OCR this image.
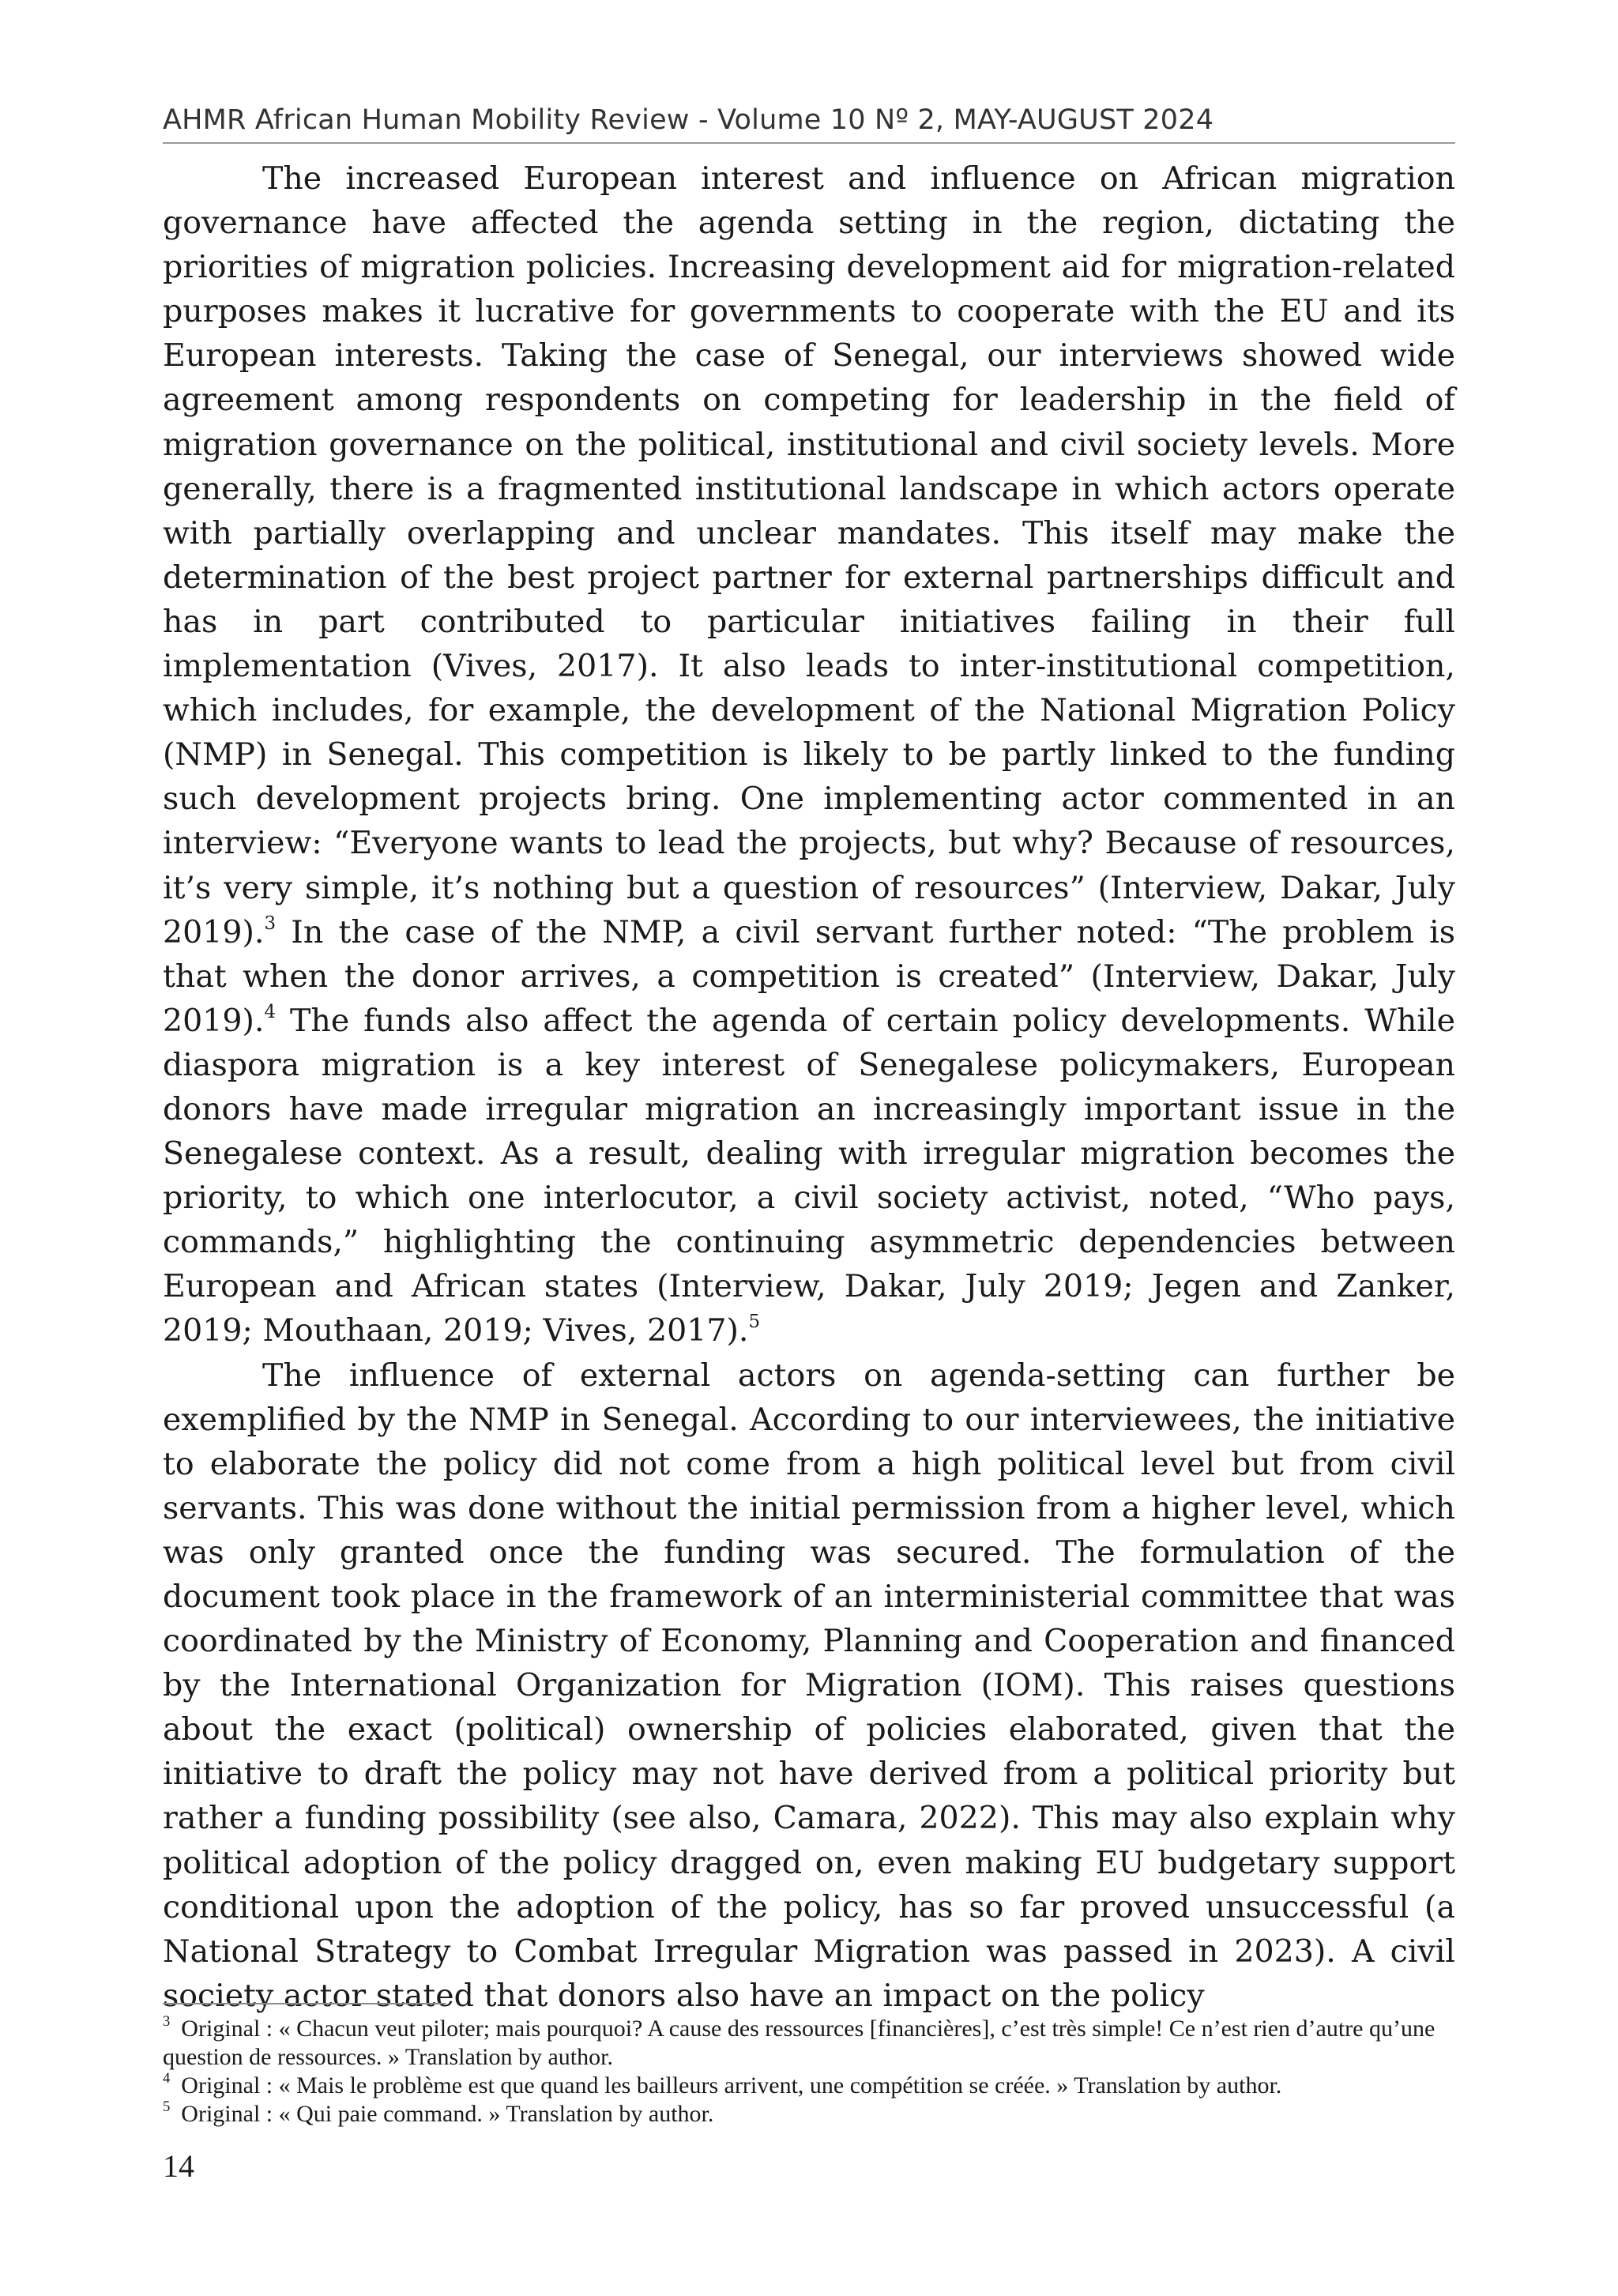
AHMR African Human Mobility Review - Volume 10 Nº 2, MAY-AUGUST 2024

The increased European interest and influence on African migration governance have affected the agenda setting in the region, dictating the priorities of migration policies. Increasing development aid for migration-related purposes makes it lucrative for governments to cooperate with the EU and its European interests. Taking the case of Senegal, our interviews showed wide agreement among respondents on competing for leadership in the field of migration governance on the political, institutional and civil society levels. More generally, there is a fragmented institutional landscape in which actors operate with partially overlapping and unclear mandates. This itself may make the determination of the best project partner for external partnerships difficult and has in part contributed to particular initiatives failing in their full implementation (Vives, 2017). It also leads to inter-institutional competition, which includes, for example, the development of the National Migration Policy (NMP) in Senegal. This competition is likely to be partly linked to the funding such development projects bring. One implementing actor commented in an interview: “Everyone wants to lead the projects, but why? Because of resources, it’s very simple, it’s nothing but a question of resources” (Interview, Dakar, July 2019).$^3$ In the case of the NMP, a civil servant further noted: “The problem is that when the donor arrives, a competition is created” (Interview, Dakar, July 2019).$^4$ The funds also affect the agenda of certain policy developments. While diaspora migration is a key interest of Senegalese policymakers, European donors have made irregular migration an increasingly important issue in the Senegalese context. As a result, dealing with irregular migration becomes the priority, to which one interlocutor, a civil society activist, noted, “Who pays, commands,” highlighting the continuing asymmetric dependencies between European and African states (Interview, Dakar, July 2019; Jegen and Zanker, 2019; Mouthaan, 2019; Vives, 2017).$^5$

The influence of external actors on agenda-setting can further be exemplified by the NMP in Senegal. According to our interviewees, the initiative to elaborate the policy did not come from a high political level but from civil servants. This was done without the initial permission from a higher level, which was only granted once the funding was secured. The formulation of the document took place in the framework of an interministerial committee that was coordinated by the Ministry of Economy, Planning and Cooperation and financed by the International Organization for Migration (IOM). This raises questions about the exact (political) ownership of policies elaborated, given that the initiative to draft the policy may not have derived from a political priority but rather a funding possibility (see also, Camara, 2022). This may also explain why political adoption of the policy dragged on, even making EU budgetary support conditional upon the adoption of the policy, has so far proved unsuccessful (a National Strategy to Combat Irregular Migration was passed in 2023). A civil society actor stated that donors also have an impact on the policy

$^3$ Original : « Chacun veut piloter; mais pourquoi? A cause des ressources [financières], c’est très simple! Ce n’est rien d’autre qu’une question de ressources. » Translation by author.

$^4$ Original : « Mais le problème est que quand les bailleurs arrivent, une compétition se créée. » Translation by author.

$^5$ Original : « Qui paie command. » Translation by author.

14
